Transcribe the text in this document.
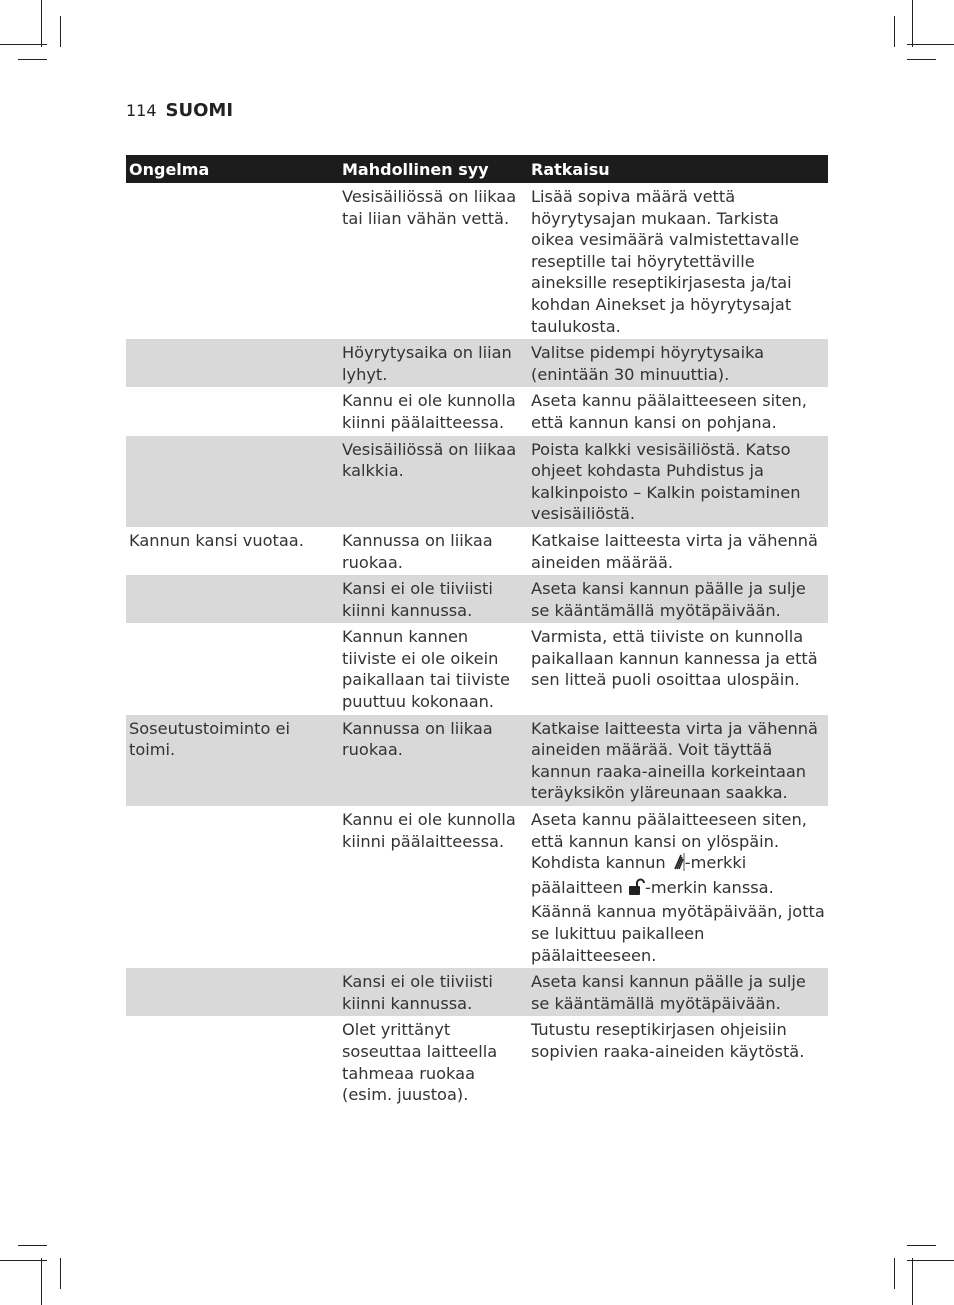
114 SUOMI
Ongelma	Mahdollinen syy	Ratkaisu
	Vesisäiliössä on liikaa tai liian vähän vettä.	Lisää sopiva määrä vettä höyrytysajan mukaan. Tarkista oikea vesimäärä valmistettavalle reseptille tai höyrytettäville aineksille reseptikirjasesta ja/tai kohdan Ainekset ja höyrytysajat taulukosta.
	Höyrytysaika on liian lyhyt.	Valitse pidempi höyrytysaika (enintään 30 minuuttia).
	Kannu ei ole kunnolla kiinni päälaitteessa.	Aseta kannu päälaitteeseen siten, että kannun kansi on pohjana.
	Vesisäiliössä on liikaa kalkkia.	Poista kalkki vesisäiliöstä. Katso ohjeet kohdasta Puhdistus ja kalkinpoisto – Kalkin poistaminen vesisäiliöstä.
Kannun kansi vuotaa.	Kannussa on liikaa ruokaa.	Katkaise laitteesta virta ja vähennä aineiden määrää.
	Kansi ei ole tiiviisti kiinni kannussa.	Aseta kansi kannun päälle ja sulje se kääntämällä myötäpäivään.
	Kannun kannen tiiviste ei ole oikein paikallaan tai tiiviste puuttuu kokonaan.	Varmista, että tiiviste on kunnolla paikallaan kannun kannessa ja että sen litteä puoli osoittaa ulospäin.
Soseutustoiminto ei toimi.	Kannussa on liikaa ruokaa.	Katkaise laitteesta virta ja vähennä aineiden määrää. Voit täyttää kannun raaka-aineilla korkeintaan teräyksikön yläreunaan saakka.
	Kannu ei ole kunnolla kiinni päälaitteessa.	Aseta kannu päälaitteeseen siten, että kannun kansi on ylöspäin. Kohdista kannun -merkki päälaitteen -merkin kanssa. Käännä kannua myötäpäivään, jotta se lukittuu paikalleen päälaitteeseen.
	Kansi ei ole tiiviisti kiinni kannussa.	Aseta kansi kannun päälle ja sulje se kääntämällä myötäpäivään.
	Olet yrittänyt soseuttaa laitteella tahmeaa ruokaa (esim. juustoa).	Tutustu reseptikirjasen ohjeisiin sopivien raaka-aineiden käytöstä.
